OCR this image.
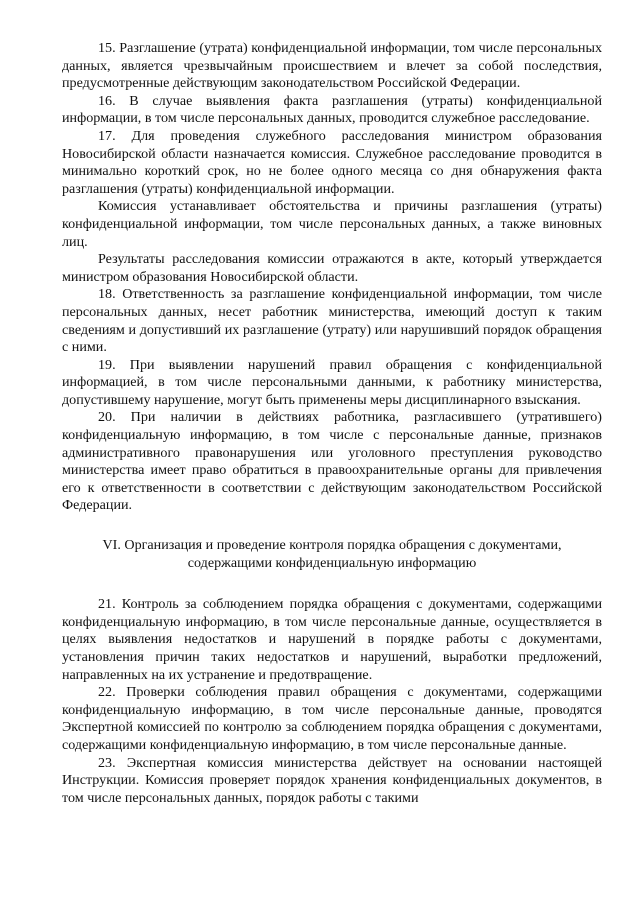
15. Разглашение (утрата) конфиденциальной информации, том числе персональных данных, является чрезвычайным происшествием и влечет за собой последствия, предусмотренные действующим законодательством Российской Федерации.

16. В случае выявления факта разглашения (утраты) конфиденциальной информации, в том числе персональных данных, проводится служебное расследование.

17. Для проведения служебного расследования министром образования Новосибирской области назначается комиссия. Служебное расследование проводится в минимально короткий срок, но не более одного месяца со дня обнаружения факта разглашения (утраты) конфиденциальной информации.

Комиссия устанавливает обстоятельства и причины разглашения (утраты) конфиденциальной информации, том числе персональных данных, а также виновных лиц.

Результаты расследования комиссии отражаются в акте, который утверждается министром образования Новосибирской области.

18. Ответственность за разглашение конфиденциальной информации, том числе персональных данных, несет работник министерства, имеющий доступ к таким сведениям и допустивший их разглашение (утрату) или нарушивший порядок обращения с ними.

19. При выявлении нарушений правил обращения с конфиденциальной информацией, в том числе персональными данными, к работнику министерства, допустившему нарушение, могут быть применены меры дисциплинарного взыскания.

20. При наличии в действиях работника, разгласившего (утратившего) конфиденциальную информацию, в том числе с персональные данные, признаков административного правонарушения или уголовного преступления руководство министерства имеет право обратиться в правоохранительные органы для привлечения его к ответственности в соответствии с действующим законодательством Российской Федерации.

VI. Организация и проведение контроля порядка обращения с документами,
содержащими конфиденциальную информацию

21. Контроль за соблюдением порядка обращения с документами, содержащими конфиденциальную информацию, в том числе персональные данные, осуществляется в целях выявления недостатков и нарушений в порядке работы с документами, установления причин таких недостатков и нарушений, выработки предложений, направленных на их устранение и предотвращение.

22. Проверки соблюдения правил обращения с документами, содержащими конфиденциальную информацию, в том числе персональные данные, проводятся Экспертной комиссией по контролю за соблюдением порядка обращения с документами, содержащими конфиденциальную информацию, в том числе персональные данные.

23. Экспертная комиссия министерства действует на основании настоящей Инструкции. Комиссия проверяет порядок хранения конфиденциальных документов, в том числе персональных данных, порядок работы с такими
